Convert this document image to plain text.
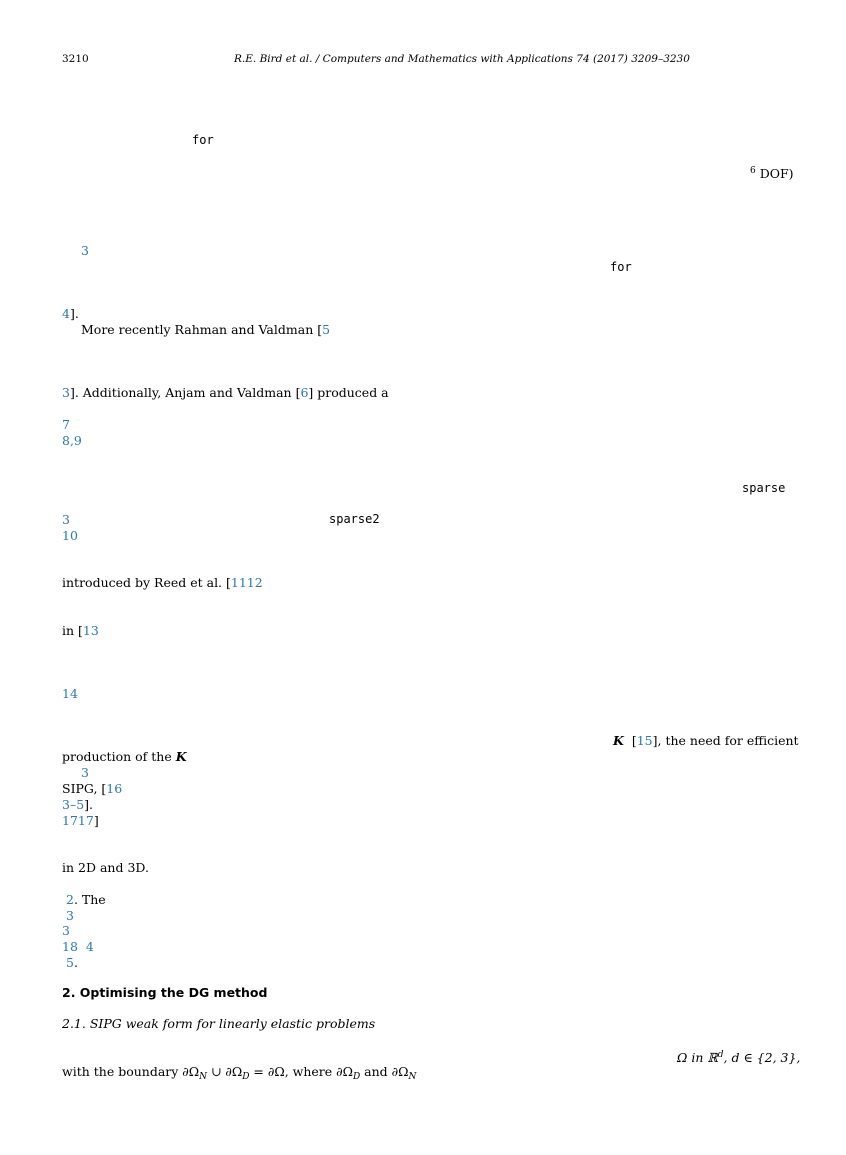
3210	R.E. Bird et al. / Computers and Mathematics with Applications 74 (2017) 3209–3230
for
$^6$ DOF)
3
for
4].
More recently Rahman and Valdman [5
3]. Additionally, Anjam and Valdman [6] produced a
7
8,9
sparse
3	sparse2
10
introduced by Reed et al. [1112
in [13
14
K [15], the need for efficient
production of the K
3
SIPG, [16
3–5].
1717]
in 2D and 3D.
2. The
3
3
18 4
5.
2. Optimising the DG method
2.1. SIPG weak form for linearly elastic problems
Ω in ℝ$^d$, d ∈ {2, 3},
with the boundary $\partial\Omega_N$ ∪ $\partial\Omega_D = \partial\Omega$, where $\partial\Omega_D$ and $\partial\Omega_N$
